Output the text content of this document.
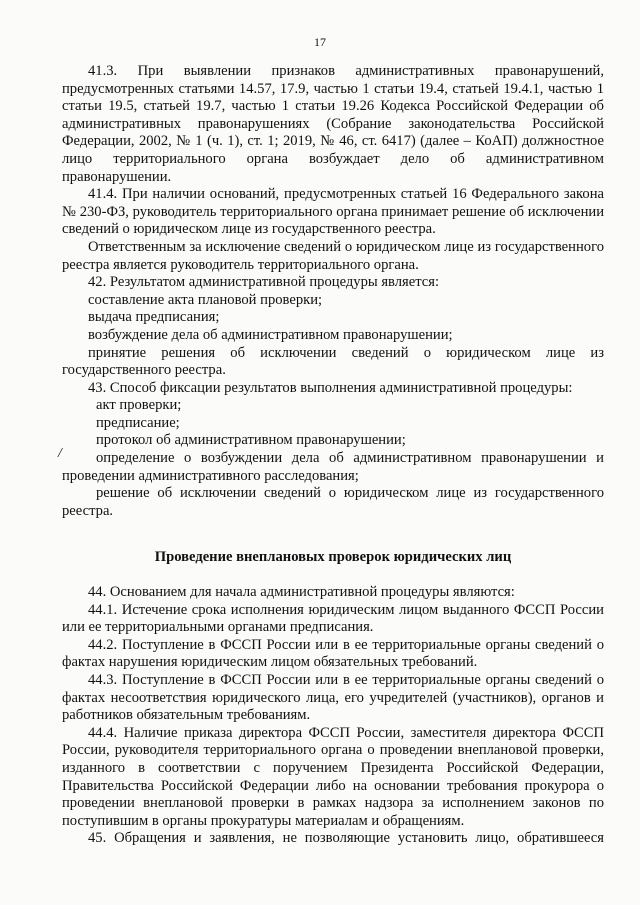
17
/

41.3. При выявлении признаков административных правонарушений, предусмотренных статьями 14.57, 17.9, частью 1 статьи 19.4, статьей 19.4.1, частью 1 статьи 19.5, статьей 19.7, частью 1 статьи 19.26 Кодекса Российской Федерации об административных правонарушениях (Собрание законодательства Российской Федерации, 2002, № 1 (ч. 1), ст. 1; 2019, № 46, ст. 6417) (далее – КоАП) должностное лицо территориального органа возбуждает дело об административном правонарушении.

41.4. При наличии оснований, предусмотренных статьей 16 Федерального закона № 230-ФЗ, руководитель территориального органа принимает решение об исключении сведений о юридическом лице из государственного реестра.

Ответственным за исключение сведений о юридическом лице из государственного реестра является руководитель территориального органа.

42. Результатом административной процедуры является:

составление акта плановой проверки;

выдача предписания;

возбуждение дела об административном правонарушении;

принятие решения об исключении сведений о юридическом лице из государственного реестра.

43. Способ фиксации результатов выполнения административной процедуры:

акт проверки;

предписание;

протокол об административном правонарушении;

определение о возбуждении дела об административном правонарушении и проведении административного расследования;

решение об исключении сведений о юридическом лице из государственного реестра.

Проведение внеплановых проверок юридических лиц

44. Основанием для начала административной процедуры являются:

44.1. Истечение срока исполнения юридическим лицом выданного ФССП России или ее территориальными органами предписания.

44.2. Поступление в ФССП России или в ее территориальные органы сведений о фактах нарушения юридическим лицом обязательных требований.

44.3. Поступление в ФССП России или в ее территориальные органы сведений о фактах несоответствия юридического лица, его учредителей (участников), органов и работников обязательным требованиям.

44.4. Наличие приказа директора ФССП России, заместителя директора ФССП России, руководителя территориального органа о проведении внеплановой проверки, изданного в соответствии с поручением Президента Российской Федерации, Правительства Российской Федерации либо на основании требования прокурора о проведении внеплановой проверки в рамках надзора за исполнением законов по поступившим в органы прокуратуры материалам и обращениям.

45. Обращения и заявления, не позволяющие установить лицо, обратившееся
